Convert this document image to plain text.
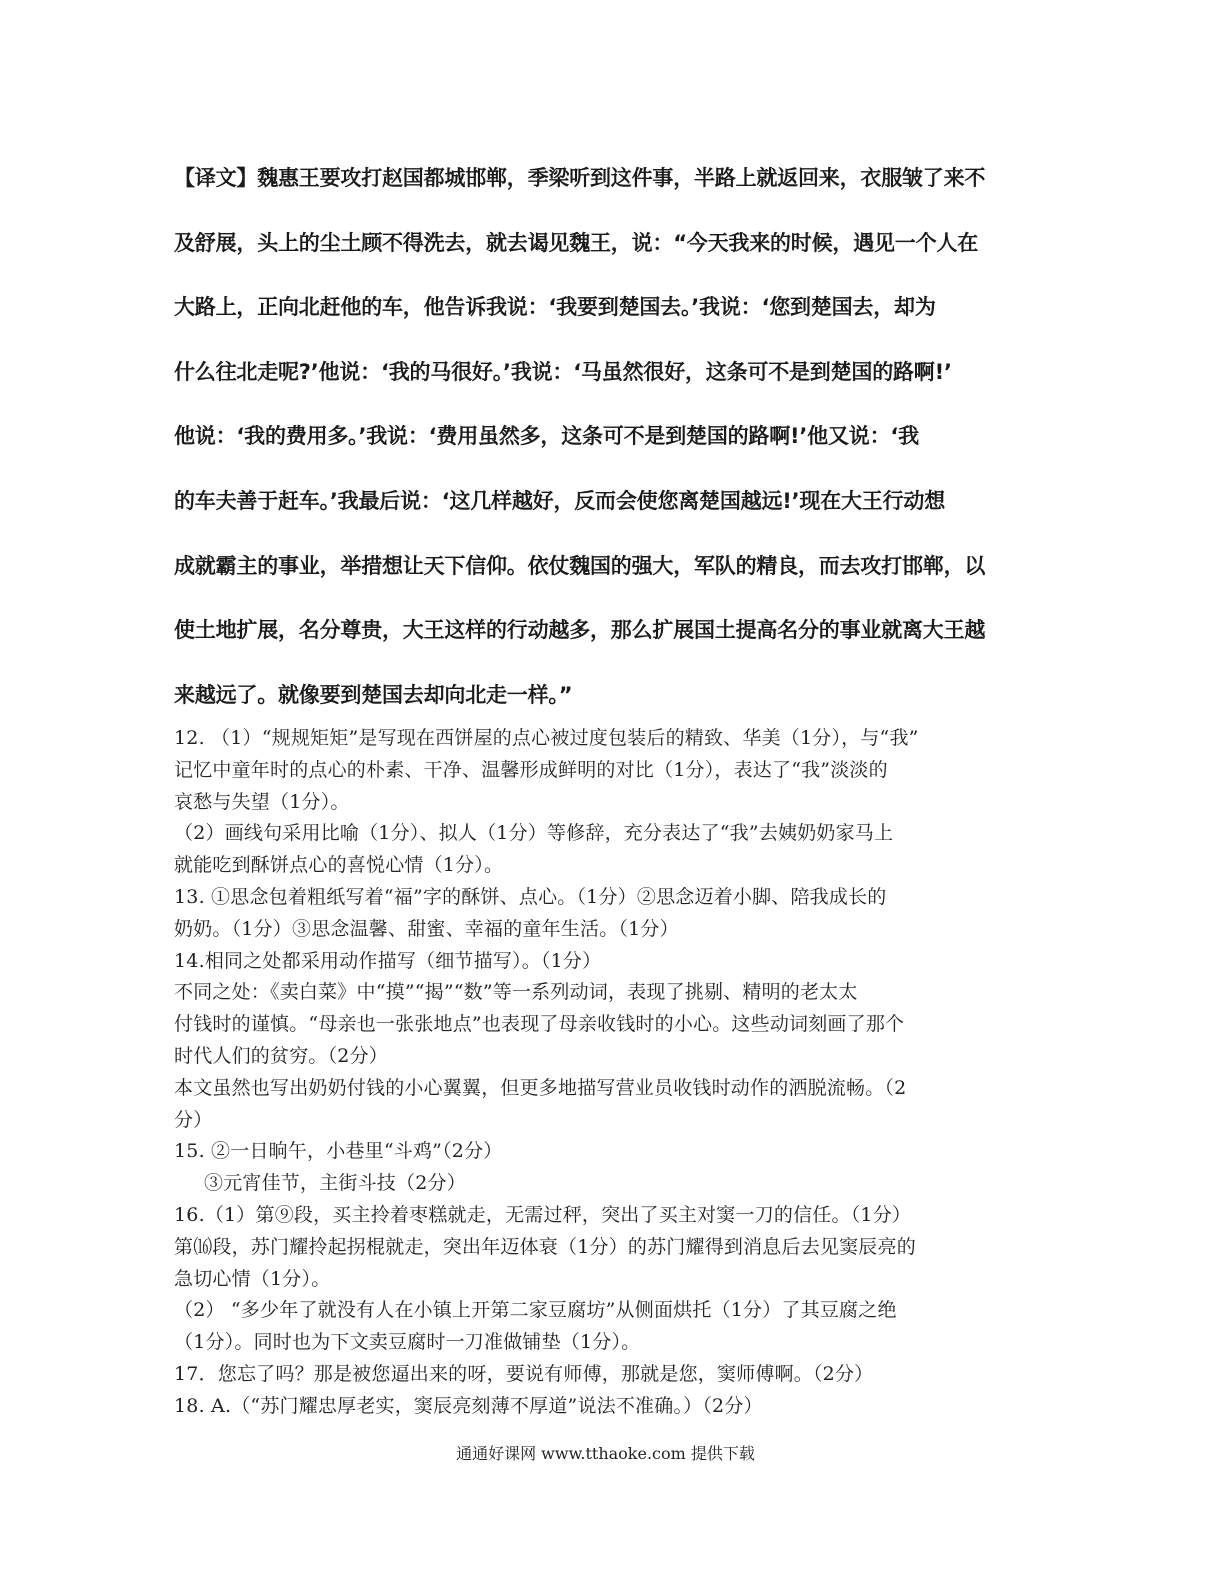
【译文】魏惠王要攻打赵国都城邯郸，季梁听到这件事，半路上就返回来，衣服皱了来不
及舒展，头上的尘土顾不得洗去，就去谒见魏王，说：“今天我来的时候，遇见一个人在
大路上，正向北赶他的车，他告诉我说：‘我要到楚国去。’我说：‘您到楚国去，却为
什么往北走呢?’他说：‘我的马很好。’我说：‘马虽然很好，这条可不是到楚国的路啊!’
他说：‘我的费用多。’我说：‘费用虽然多，这条可不是到楚国的路啊!’他又说：‘我
的车夫善于赶车。’我最后说：‘这几样越好，反而会使您离楚国越远!’现在大王行动想
成就霸主的事业，举措想让天下信仰。依仗魏国的强大，军队的精良，而去攻打邯郸，以
使土地扩展，名分尊贵，大王这样的行动越多，那么扩展国土提高名分的事业就离大王越
来越远了。就像要到楚国去却向北走一样。”
12. （1）“规规矩矩”是写现在西饼屋的点心被过度包装后的精致、华美（1分），与“我”
记忆中童年时的点心的朴素、干净、温馨形成鲜明的对比（1分），表达了“我”淡淡的
哀愁与失望（1分）。
（2）画线句采用比喻（1分）、拟人（1分）等修辞，充分表达了“我”去姨奶奶家马上
就能吃到酥饼点心的喜悦心情（1分）。
13. ①思念包着粗纸写着“福”字的酥饼、点心。（1分）②思念迈着小脚、陪我成长的
奶奶。（1分）③思念温馨、甜蜜、幸福的童年生活。（1分）
14.相同之处都采用动作描写（细节描写）。（1分）
不同之处：《卖白菜》中“摸”“揭”“数”等一系列动词，表现了挑剔、精明的老太太
付钱时的谨慎。“母亲也一张张地点”也表现了母亲收钱时的小心。这些动词刻画了那个
时代人们的贫穷。（2分）
本文虽然也写出奶奶付钱的小心翼翼，但更多地描写营业员收钱时动作的洒脱流畅。（2
分）
15. ②一日晌午，小巷里“斗鸡”（2分）
③元宵佳节，主街斗技（2分）
16.（1）第⑨段，买主拎着枣糕就走，无需过秤，突出了买主对窦一刀的信任。（1分）
第⒃段，苏门耀拎起拐棍就走，突出年迈体衰（1分）的苏门耀得到消息后去见窦辰亮的
急切心情（1分）。
（2） “多少年了就没有人在小镇上开第二家豆腐坊”从侧面烘托（1分）了其豆腐之绝
（1分）。同时也为下文卖豆腐时一刀准做铺垫（1分）。
17．您忘了吗？那是被您逼出来的呀，要说有师傅，那就是您，窦师傅啊。（2分）
18. A.（“苏门耀忠厚老实，窦辰亮刻薄不厚道”说法不准确。）（2分）
通通好课网 www.tthaoke.com 提供下载
